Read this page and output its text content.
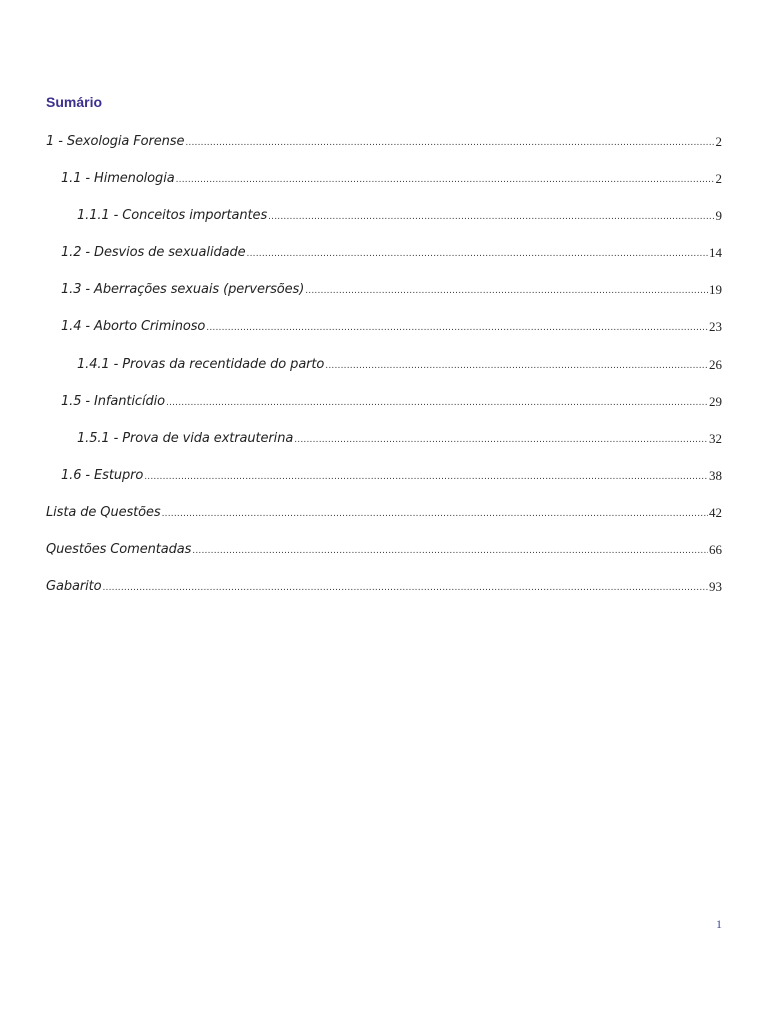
Sumário
1 - Sexologia Forense .....	2
1.1 - Himenologia .....	2
1.1.1 - Conceitos importantes .....	9
1.2 - Desvios de sexualidade .....	14
1.3 - Aberrações sexuais (perversões) .....	19
1.4 - Aborto Criminoso .....	23
1.4.1 - Provas da recentidade do parto .....	26
1.5 - Infanticídio .....	29
1.5.1 - Prova de vida extrauterina .....	32
1.6 - Estupro .....	38
Lista de Questões .....	42
Questões Comentadas .....	66
Gabarito .....	93
1
